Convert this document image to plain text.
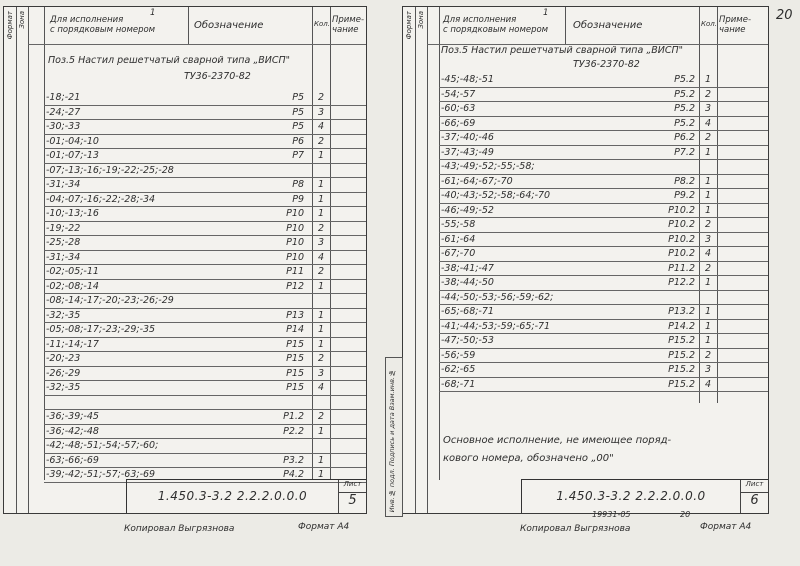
Формат Зона	Для исполнения
с порядковым номером
1
Обозначение	Кол. Приме-
чание
Поз.5 Настил решетчатый сварной типа „ВИСП"
ТУ36-2370-82
-18;-21	Р5	2
-24;-27	Р5	3
-30;-33	Р5	4
-01;-04;-10	Р6	2
-01;-07;-13	Р7	1
-07;-13;-16;-19;-22;-25;-28
-31;-34	Р8	1
-04;-07;-16;-22;-28;-34	Р9	1
-10;-13;-16	Р10	1
-19;-22	Р10	2
-25;-28	Р10	3
-31;-34	Р10	4
-02;-05;-11	Р11	2
-02;-08;-14	Р12	1
-08;-14;-17;-20;-23;-26;-29
-32;-35	Р13	1
-05;-08;-17;-23;-29;-35	Р14	1
-11;-14;-17	Р15	1
-20;-23	Р15	2
-26;-29	Р15	3
-32;-35	Р15	4
-36;-39;-45	Р1.2	2
-36;-42;-48	Р2.2	1
-42;-48;-51;-54;-57;-60;
-63;-66;-69	Р3.2	1
-39;-42;-51;-57;-63;-69	Р4.2	1
1.450.3-3.2 2.2.2.0.0.0
Лист
5
Копировал Выгрязнова	Формат А4
20
Инв.№ подл. Подпись и дата Взам.инв.№
Формат Зона Для исполнения
с порядковым номером
1
Обозначение	Кол. Приме-
чание
Поз.5 Настил решетчатый сварной типа „ВИСП"
ТУ36-2370-82
-45;-48;-51	Р5.2	1
-54;-57	Р5.2	2
-60;-63	Р5.2	3
-66;-69	Р5.2	4
-37;-40;-46	Р6.2	2
-37;-43;-49	Р7.2	1
-43;-49;-52;-55;-58;
-61;-64;-67;-70	Р8.2	1
-40;-43;-52;-58;-64;-70	Р9.2	1
-46;-49;-52	Р10.2	1
-55;-58	Р10.2	2
-61;-64	Р10.2	3
-67;-70	Р10.2	4
-38;-41;-47	Р11.2	2
-38;-44;-50	Р12.2	1
-44;-50;-53;-56;-59;-62;
-65;-68;-71	Р13.2	1
-41;-44;-53;-59;-65;-71	Р14.2	1
-47;-50;-53	Р15.2	1
-56;-59	Р15.2	2
-62;-65	Р15.2	3
-68;-71	Р15.2	4
Основное исполнение, не имеющее поряд-
кового номера, обозначено „00"
1.450.3-3.2 2.2.2.0.0.0
Лист
6
19931-05	20
Копировал Выгрязнова	Формат А4
